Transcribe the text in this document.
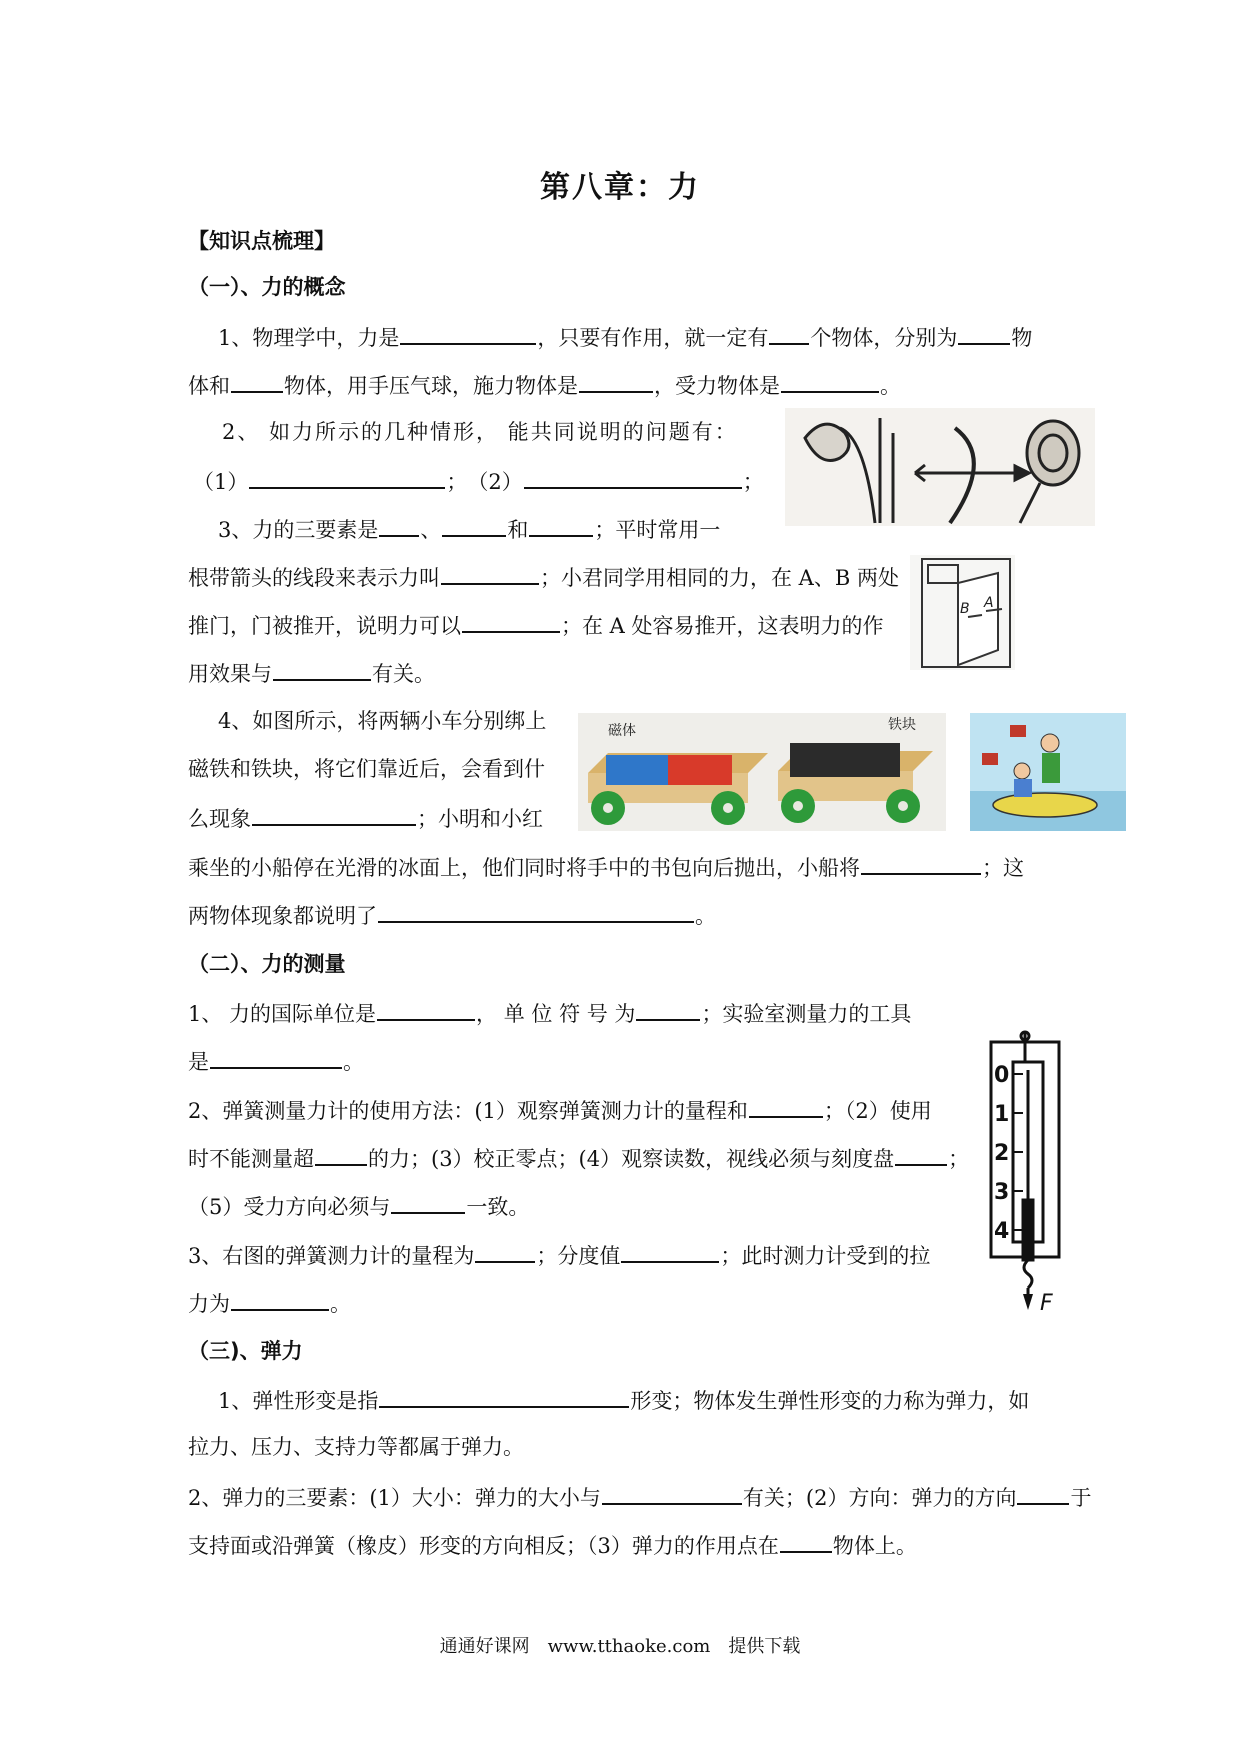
第八章：力
【知识点梳理】
（一）、力的概念
1、物理学中，力是	，只要有作用，就一定有 个物体，分别为	物
体和	物体，用手压气球，施力物体是	，受力物体是	。
2、 如力所示的几种情形， 能共同说明的问题有：
（1）	；　（2）	；
3、力的三要素是 、	和	；平时常用一
根带箭头的线段来表示力叫	；小君同学用相同的力，在 A、B 两处
推门，门被推开，说明力可以	；在 A 处容易推开，这表明力的作
用效果与	有关。
4、如图所示，将两辆小车分别绑上
磁铁和铁块，将它们靠近后，会看到什
么现象	；小明和小红
乘坐的小船停在光滑的冰面上，他们同时将手中的书包向后抛出，小船将	；这
两物体现象都说明了	。
（二）、力的测量
1、 力的国际单位是	， 单 位 符 号 为	；实验室测量力的工具
是	。
2、弹簧测量力计的使用方法：(1）观察弹簧测力计的量程和	；（2）使用
时不能测量超	的力；(3）校正零点；(4）观察读数，视线必须与刻度盘	；
（5）受力方向必须与	一致。
3、右图的弹簧测力计的量程为	；分度值	；此时测力计受到的拉
力为	。
（三)、弹力
1、弹性形变是指	形变；物体发生弹性形变的力称为弹力，如
拉力、压力、支持力等都属于弹力。
2、弹力的三要素：(1）大小：弹力的大小与	有关；(2）方向：弹力的方向	于
支持面或沿弹簧（橡皮）形变的方向相反；（3）弹力的作用点在	物体上。
B A
磁体	铁块
0
1
2
3
4
F
通通好课网　www.tthaoke.com　提供下载
